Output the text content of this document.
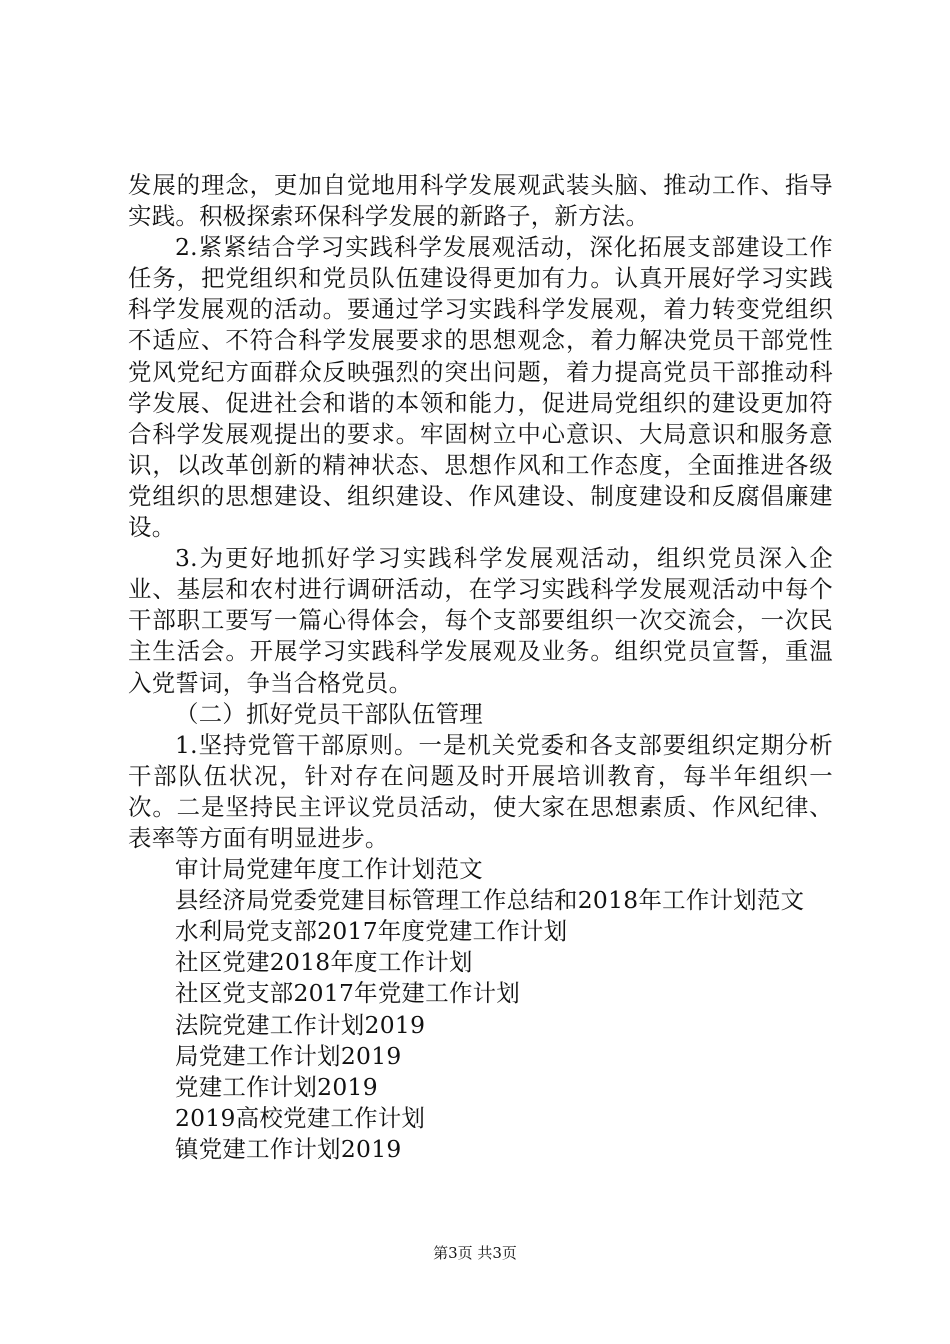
发展的理念，更加自觉地用科学发展观武装头脑、推动工作、指导实践。积极探索环保科学发展的新路子，新方法。

2.紧紧结合学习实践科学发展观活动，深化拓展支部建设工作任务，把党组织和党员队伍建设得更加有力。认真开展好学习实践科学发展观的活动。要通过学习实践科学发展观，着力转变党组织不适应、不符合科学发展要求的思想观念，着力解决党员干部党性党风党纪方面群众反映强烈的突出问题，着力提高党员干部推动科学发展、促进社会和谐的本领和能力，促进局党组织的建设更加符合科学发展观提出的要求。牢固树立中心意识、大局意识和服务意识，以改革创新的精神状态、思想作风和工作态度，全面推进各级党组织的思想建设、组织建设、作风建设、制度建设和反腐倡廉建设。

3.为更好地抓好学习实践科学发展观活动，组织党员深入企业、基层和农村进行调研活动，在学习实践科学发展观活动中每个干部职工要写一篇心得体会，每个支部要组织一次交流会，一次民主生活会。开展学习实践科学发展观及业务。组织党员宣誓，重温入党誓词，争当合格党员。

（二）抓好党员干部队伍管理

1.坚持党管干部原则。一是机关党委和各支部要组织定期分析干部队伍状况，针对存在问题及时开展培训教育，每半年组织一次。二是坚持民主评议党员活动，使大家在思想素质、作风纪律、表率等方面有明显进步。

审计局党建年度工作计划范文
县经济局党委党建目标管理工作总结和2018年工作计划范文
水利局党支部2017年度党建工作计划
社区党建2018年度工作计划
社区党支部2017年党建工作计划
法院党建工作计划2019
局党建工作计划2019
党建工作计划2019
2019高校党建工作计划
镇党建工作计划2019
第3页 共3页
